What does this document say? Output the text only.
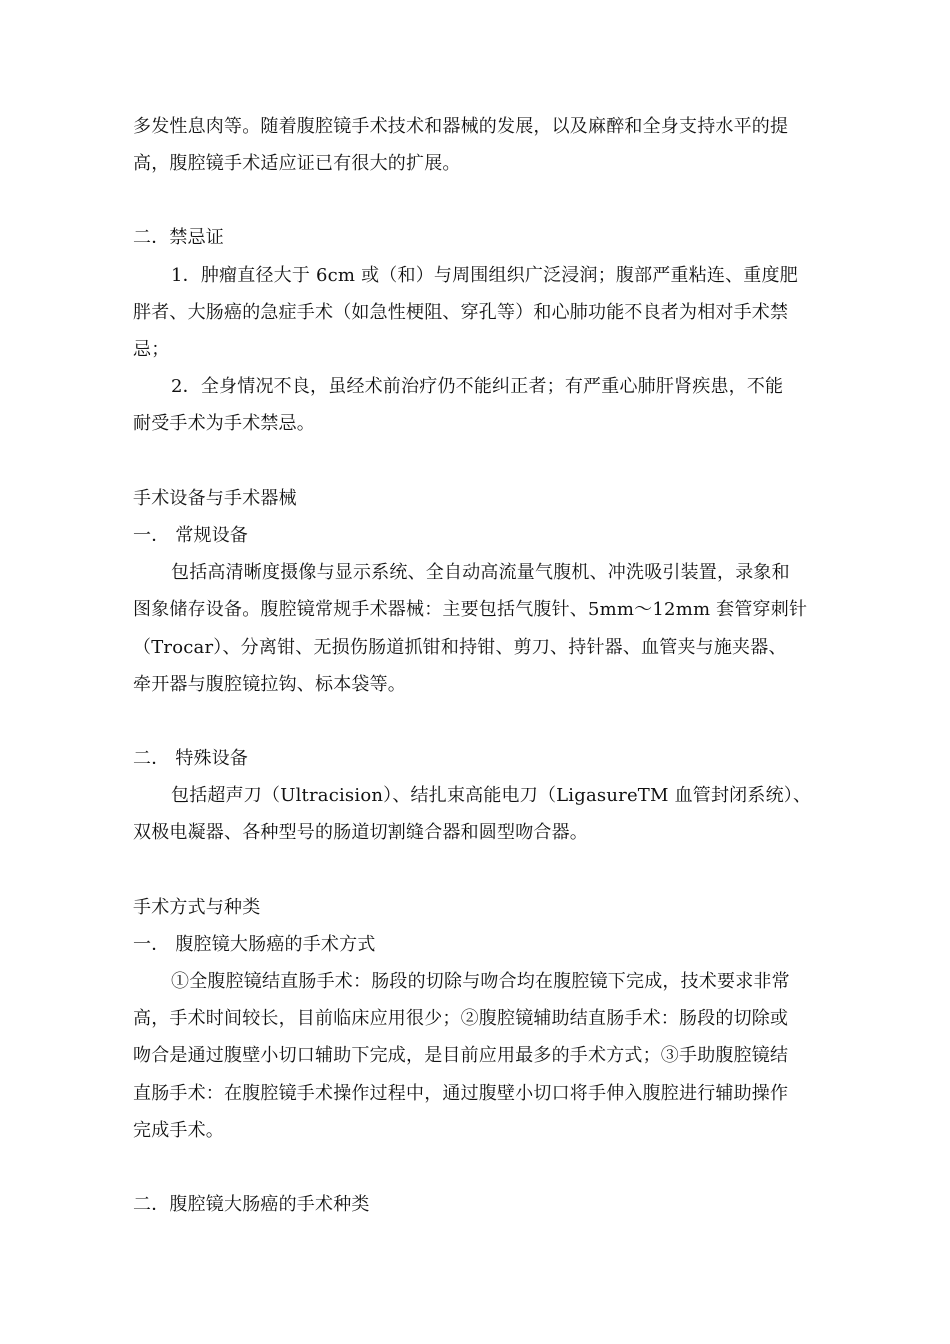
多发性息肉等。随着腹腔镜手术技术和器械的发展，以及麻醉和全身支持水平的提
高，腹腔镜手术适应证已有很大的扩展。
二．禁忌证
1．肿瘤直径大于 6cm 或（和）与周围组织广泛浸润；腹部严重粘连、重度肥
胖者、大肠癌的急症手术（如急性梗阻、穿孔等）和心肺功能不良者为相对手术禁
忌；
2．全身情况不良，虽经术前治疗仍不能纠正者；有严重心肺肝肾疾患，不能
耐受手术为手术禁忌。
手术设备与手术器械
一． 常规设备
包括高清晰度摄像与显示系统、全自动高流量气腹机、冲洗吸引装置，录象和
图象储存设备。腹腔镜常规手术器械：主要包括气腹针、5mm～12mm 套管穿刺针
（Trocar）、分离钳、无损伤肠道抓钳和持钳、剪刀、持针器、血管夹与施夹器、
牵开器与腹腔镜拉钩、标本袋等。
二． 特殊设备
包括超声刀（Ultracision）、结扎束高能电刀（LigasureTM 血管封闭系统）、
双极电凝器、各种型号的肠道切割缝合器和圆型吻合器。
手术方式与种类
一． 腹腔镜大肠癌的手术方式
①全腹腔镜结直肠手术：肠段的切除与吻合均在腹腔镜下完成，技术要求非常
高，手术时间较长，目前临床应用很少；②腹腔镜辅助结直肠手术：肠段的切除或
吻合是通过腹壁小切口辅助下完成，是目前应用最多的手术方式；③手助腹腔镜结
直肠手术：在腹腔镜手术操作过程中，通过腹壁小切口将手伸入腹腔进行辅助操作
完成手术。
二．腹腔镜大肠癌的手术种类
